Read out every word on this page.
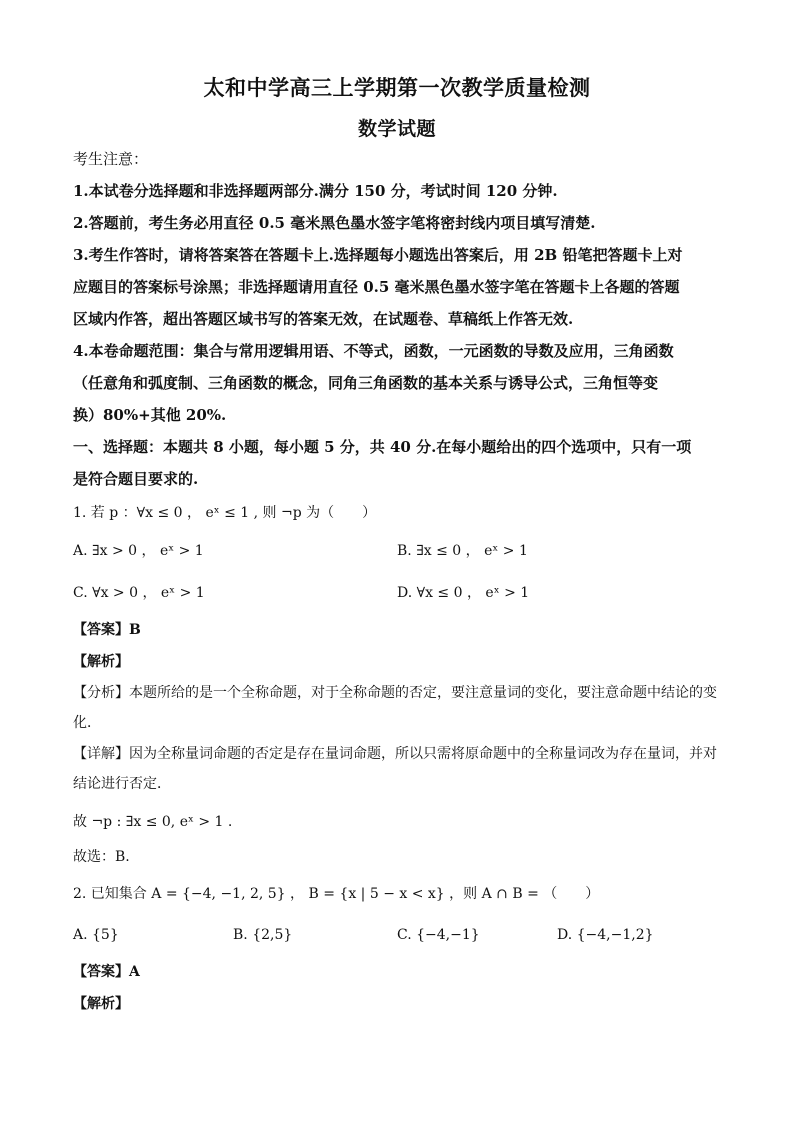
太和中学高三上学期第一次教学质量检测
数学试题
考生注意：
1.本试卷分选择题和非选择题两部分.满分 150 分，考试时间 120 分钟.
2.答题前，考生务必用直径 0.5 毫米黑色墨水签字笔将密封线内项目填写清楚.
3.考生作答时，请将答案答在答题卡上.选择题每小题选出答案后，用 2B 铅笔把答题卡上对
应题目的答案标号涂黑；非选择题请用直径 0.5 毫米黑色墨水签字笔在答题卡上各题的答题
区域内作答，超出答题区域书写的答案无效，在试题卷、草稿纸上作答无效.
4.本卷命题范围：集合与常用逻辑用语、不等式，函数，一元函数的导数及应用，三角函数
（任意角和弧度制、三角函数的概念，同角三角函数的基本关系与诱导公式，三角恒等变
换）80%+其他 20%.
一、选择题：本题共 8 小题，每小题 5 分，共 40 分.在每小题给出的四个选项中，只有一项
是符合题目要求的.
1. 若 p ：∀x ≤ 0 ， eˣ ≤ 1 , 则 ¬p 为（　　）
A. ∃x > 0 ， eˣ > 1	B. ∃x ≤ 0 ， eˣ > 1
C. ∀x > 0 ， eˣ > 1	D. ∀x ≤ 0 ， eˣ > 1
【答案】B
【解析】
【分析】本题所给的是一个全称命题，对于全称命题的否定，要注意量词的变化，要注意命题中结论的变
化．
【详解】因为全称量词命题的否定是存在量词命题，所以只需将原命题中的全称量词改为存在量词，并对
结论进行否定．
故 ¬p : ∃x ≤ 0, eˣ > 1 .
故选：B.
2. 已知集合 A = {−4, −1, 2, 5} ， B = {x | 5 − x < x} ，则 A ∩ B = （　　）
A. {5}	B. {2,5}	C. {−4,−1}	D. {−4,−1,2}
【答案】A
【解析】
